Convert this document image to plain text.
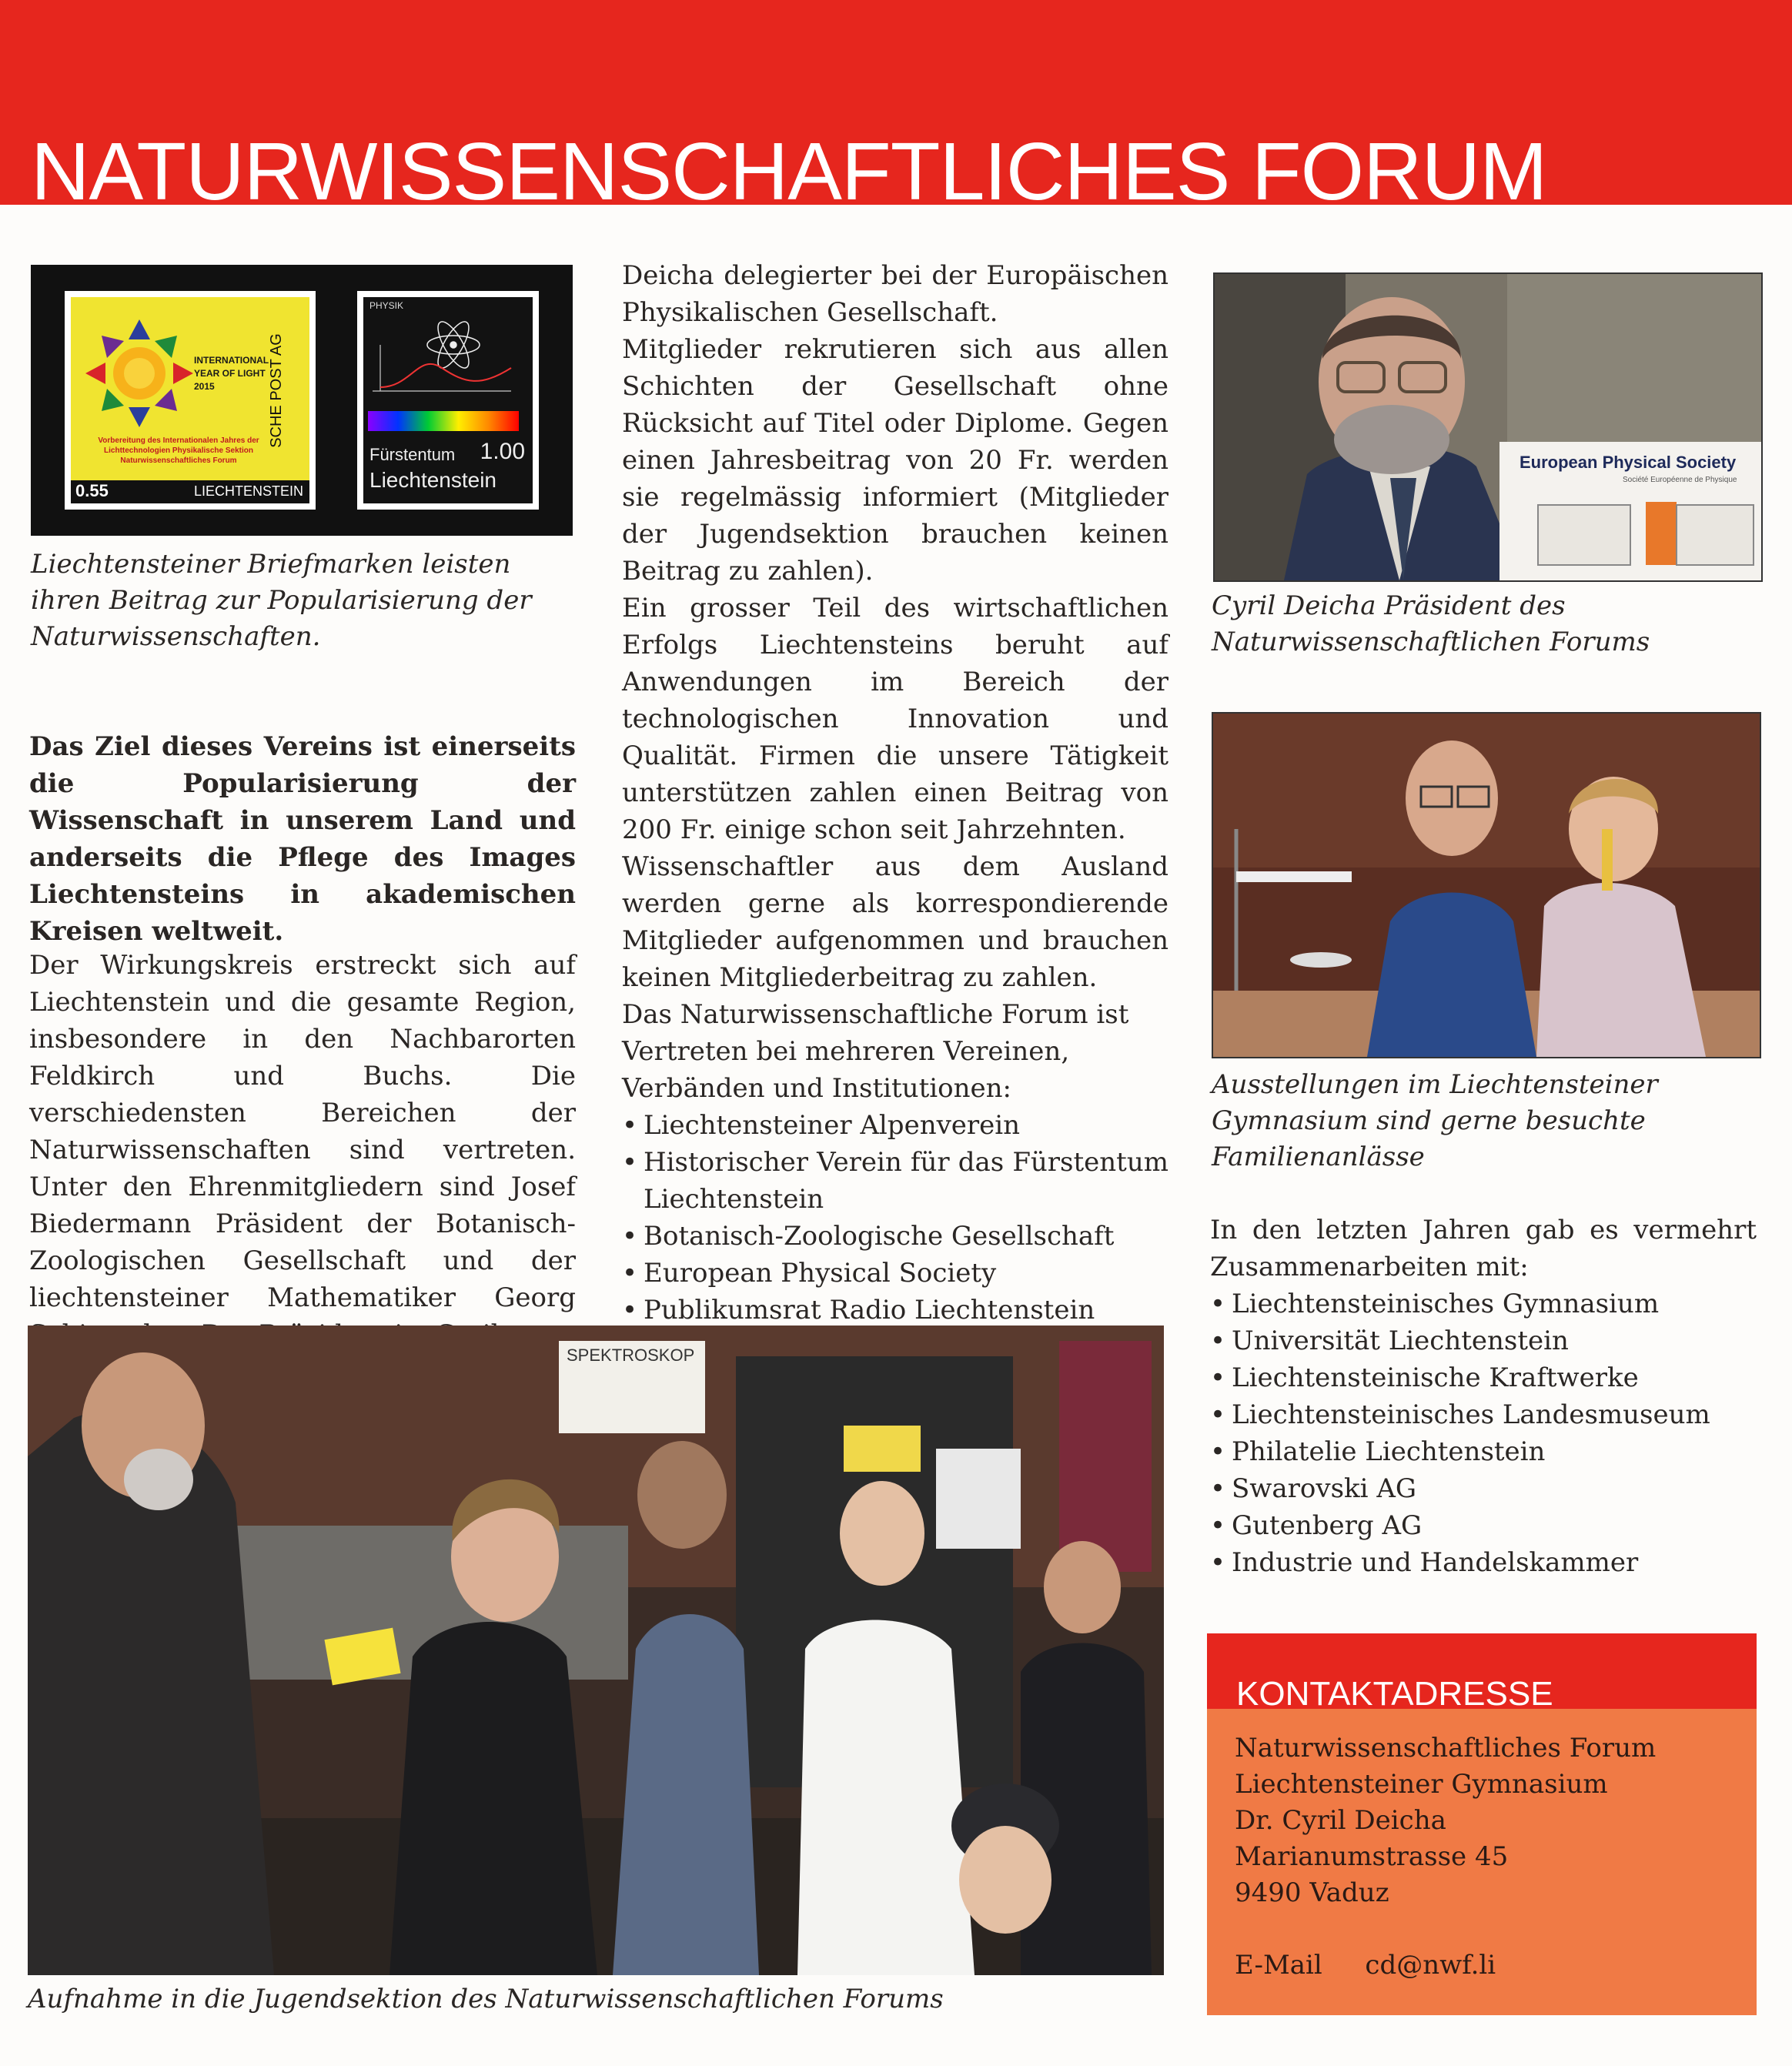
NATURWISSENSCHAFTLICHES FORUM
INTERNATIONAL YEAR OF LIGHT 2015
Vorbereitung des Internationalen Jahres der Lichttechnologien Physikalische Sektion Naturwissenschaftliches Forum
SCHE POST AG
0.55	LIECHTENSTEIN
PHYSIK
Fürstentum 1.00
Liechtenstein
Liechtensteiner Briefmarken leisten ihren Beitrag zur Popularisierung der Naturwissenschaften.
Das Ziel dieses Vereins ist einerseits die Popularisierung der Wissenschaft in unserem Land und anderseits die Pflege des Images Liechtensteins in akademischen Kreisen weltweit.
Der Wirkungskreis erstreckt sich auf Liechtenstein und die gesamte Region, insbesondere in den Nachbarorten Feldkirch und Buchs. Die verschiedensten Bereichen der Naturwissenschaften sind vertreten. Unter den Ehrenmitgliedern sind Josef Biedermann Präsident der Botanisch-Zoologischen Gesellschaft und der liechtensteiner Mathematiker Georg

Deicha delegierter bei der Europäischen Physikalischen Gesellschaft.

Mitglieder rekrutieren sich aus allen Schichten der Gesellschaft ohne Rücksicht auf Titel oder Diplome. Gegen einen Jahresbeitrag von 20 Fr. werden sie regelmässig informiert (Mitglieder der Jugendsektion brauchen keinen Beitrag zu zahlen).

Ein grosser Teil des wirtschaftlichen Erfolgs Liechtensteins beruht auf Anwendungen im Bereich der technologischen Innovation und Qualität. Firmen die unsere Tätigkeit unterstützen zahlen einen Beitrag von 200 Fr. einige schon seit Jahrzehnten.

Wissenschaftler aus dem Ausland werden gerne als korrespondierende Mitglieder aufgenommen und brauchen keinen Mitgliederbeitrag zu zahlen.

Das Naturwissenschaftliche Forum ist Vertreten bei mehreren Vereinen, Verbänden und Institutionen:

• Liechtensteiner Alpenverein
• Historischer Verein für das Fürstentum Liechtenstein
• Botanisch-Zoologische Gesellschaft
• European Physical Society
• Publikumsrat Radio Liechtenstein
European Physical Society
Société Européenne de Physique
Cyril Deicha Präsident des Naturwissenschaftlichen Forums
Ausstellungen im Liechtensteiner Gymnasium sind gerne besuchte Familienanlässe

In den letzten Jahren gab es vermehrt Zusammenarbeiten mit:

• Liechtensteinisches Gymnasium
• Universität Liechtenstein
• Liechtensteinische Kraftwerke
• Liechtensteinisches Landesmuseum
• Philatelie Liechtenstein
• Swarovski AG
• Gutenberg AG
• Industrie und Handelskammer
SPEKTROSKOP
Aufnahme in die Jugendsektion des Naturwissenschaftlichen Forums
KONTAKTADRESSE
Naturwissenschaftliches Forum
Liechtensteiner Gymnasium
Dr. Cyril Deicha
Marianumstrasse 45
9490 Vaduz
E-Mail cd@nwf.li
